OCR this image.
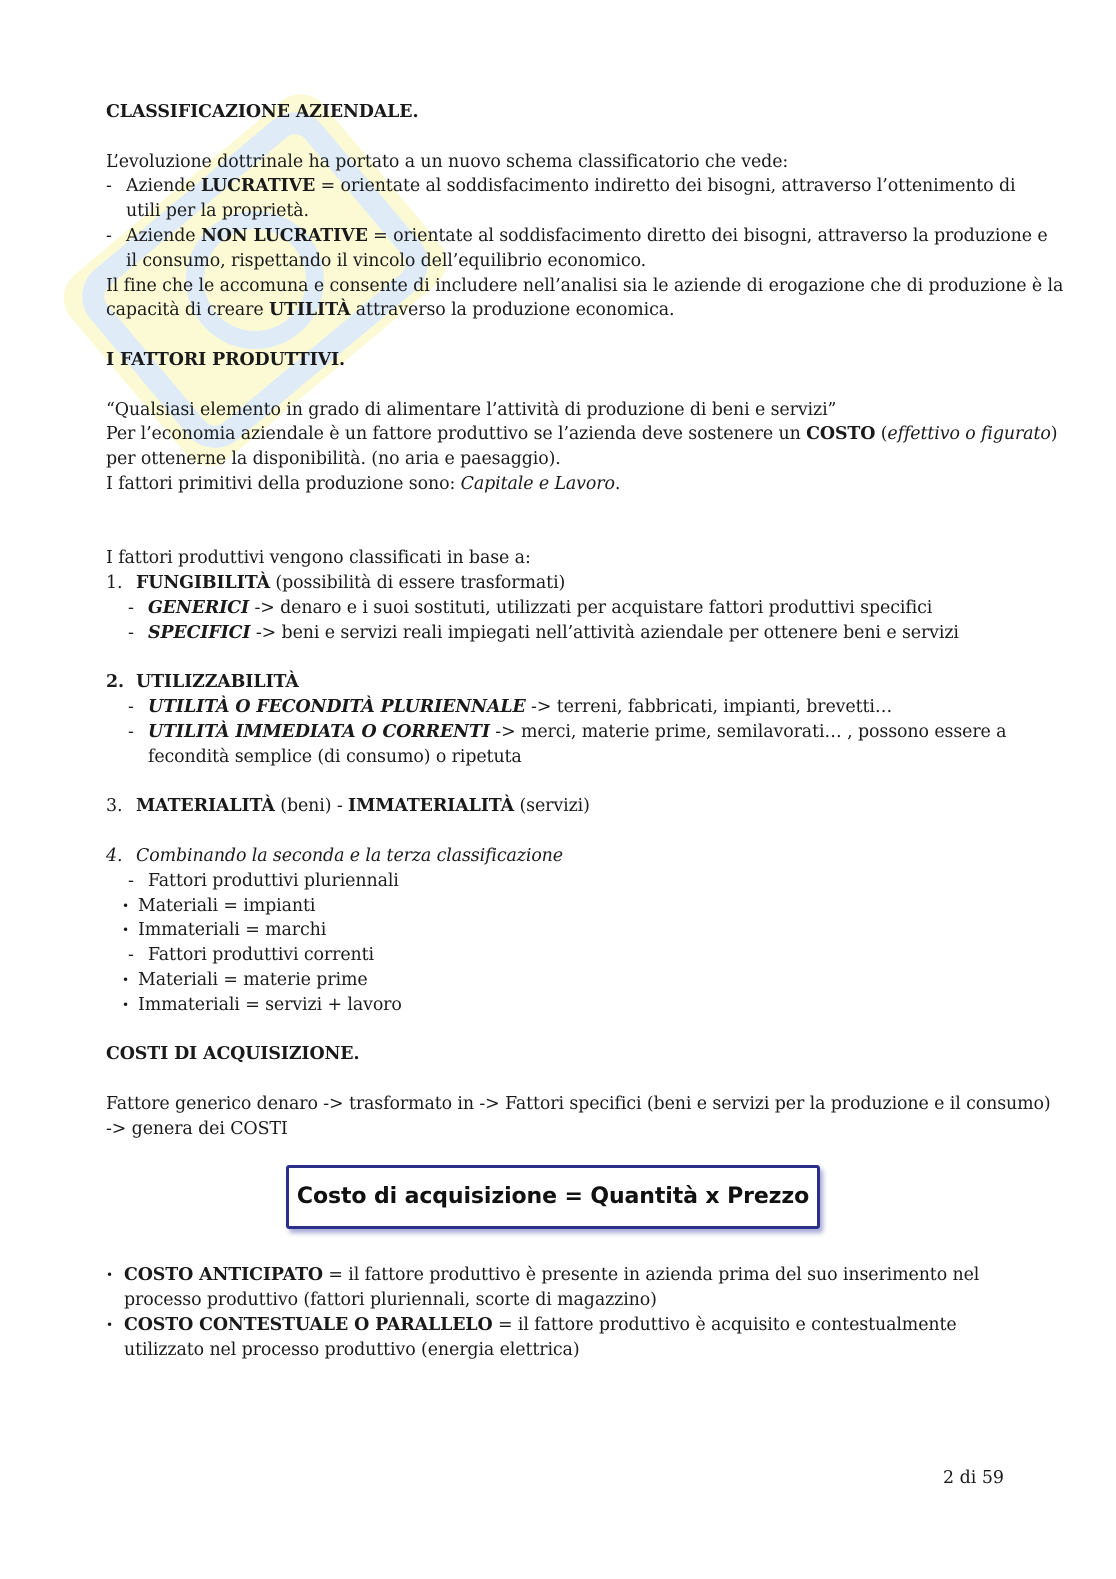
CLASSIFICAZIONE AZIENDALE.
L’evoluzione dottrinale ha portato a un nuovo schema classificatorio che vede:
- Aziende LUCRATIVE = orientate al soddisfacimento indiretto dei bisogni, attraverso l’ottenimento di
utili per la proprietà.
- Aziende NON LUCRATIVE = orientate al soddisfacimento diretto dei bisogni, attraverso la produzione e
il consumo, rispettando il vincolo dell’equilibrio economico.
Il fine che le accomuna e consente di includere nell’analisi sia le aziende di erogazione che di produzione è la
capacità di creare UTILITÀ attraverso la produzione economica.
I FATTORI PRODUTTIVI.
“Qualsiasi elemento in grado di alimentare l’attività di produzione di beni e servizi”
Per l’economia aziendale è un fattore produttivo se l’azienda deve sostenere un COSTO (effettivo o figurato)
per ottenerne la disponibilità. (no aria e paesaggio).
I fattori primitivi della produzione sono: Capitale e Lavoro.
I fattori produttivi vengono classificati in base a:
1. FUNGIBILITÀ (possibilità di essere trasformati)
- GENERICI -> denaro e i suoi sostituti, utilizzati per acquistare fattori produttivi specifici
- SPECIFICI -> beni e servizi reali impiegati nell’attività aziendale per ottenere beni e servizi
2. UTILIZZABILITÀ
- UTILITÀ O FECONDITÀ PLURIENNALE -> terreni, fabbricati, impianti, brevetti…
- UTILITÀ IMMEDIATA O CORRENTI -> merci, materie prime, semilavorati… , possono essere a
fecondità semplice (di consumo) o ripetuta
3. MATERIALITÀ (beni) - IMMATERIALITÀ (servizi)
4. Combinando la seconda e la terza classificazione
- Fattori produttivi pluriennali
• Materiali = impianti
• Immateriali = marchi
- Fattori produttivi correnti
• Materiali = materie prime
• Immateriali = servizi + lavoro
COSTI DI ACQUISIZIONE.
Fattore generico denaro -> trasformato in -> Fattori specifici (beni e servizi per la produzione e il consumo)
-> genera dei COSTI
Costo di acquisizione = Quantità x Prezzo
• COSTO ANTICIPATO = il fattore produttivo è presente in azienda prima del suo inserimento nel
processo produttivo (fattori pluriennali, scorte di magazzino)
• COSTO CONTESTUALE O PARALLELO = il fattore produttivo è acquisito e contestualmente
utilizzato nel processo produttivo (energia elettrica)
2 di 59
